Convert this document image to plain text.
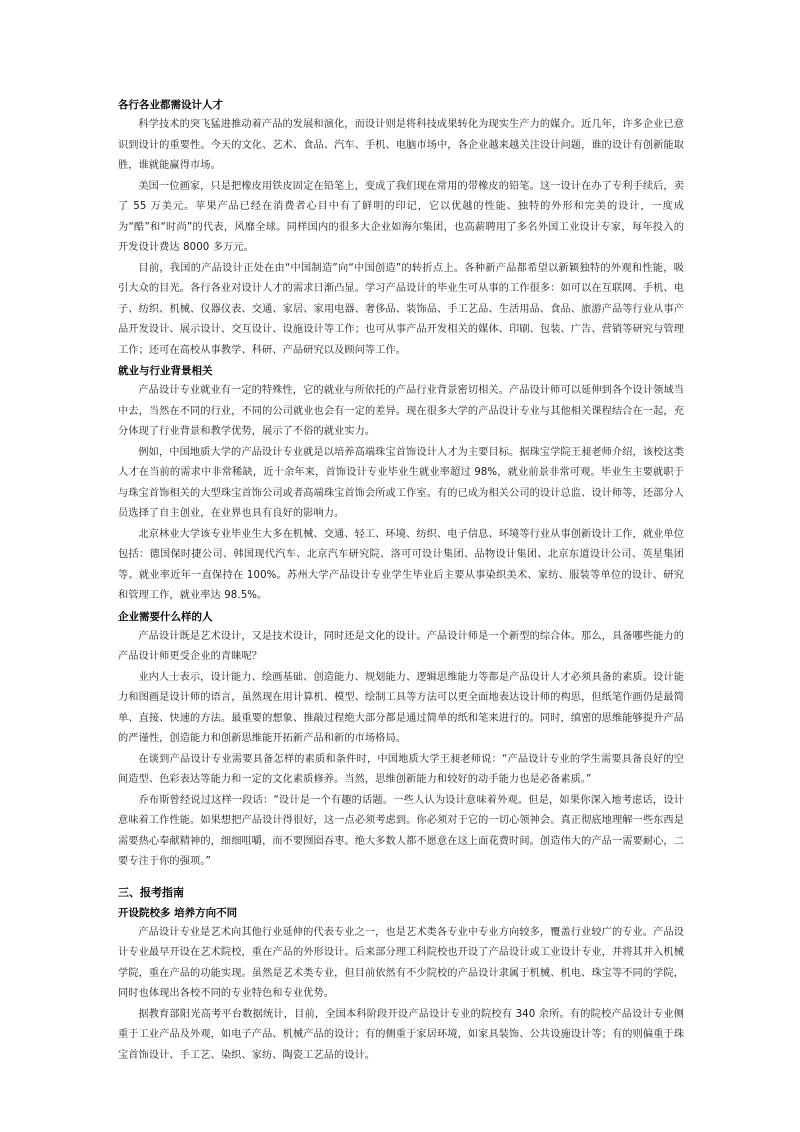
各行各业都需设计人才

科学技术的突飞猛进推动着产品的发展和演化，而设计则是将科技成果转化为现实生产力的媒介。近几年，许多企业已意识到设计的重要性。今天的文化、艺术、食品、汽车、手机、电脑市场中，各企业越来越关注设计问题，谁的设计有创新能取胜，谁就能赢得市场。

美国一位画家，只是把橡皮用铁皮固定在铅笔上，变成了我们现在常用的带橡皮的铅笔。这一设计在办了专利手续后，卖了 55 万美元。苹果产品已经在消费者心目中有了鲜明的印记，它以优越的性能、独特的外形和完美的设计，一度成为“酷”和“时尚”的代表，风靡全球。同样国内的很多大企业如海尔集团，也高薪聘用了多名外国工业设计专家，每年投入的开发设计费达 8000 多万元。

目前，我国的产品设计正处在由“中国制造”向“中国创造”的转折点上。各种新产品都希望以新颖独特的外观和性能，吸引大众的目光。各行各业对设计人才的需求日渐凸显。学习产品设计的毕业生可从事的工作很多：如可以在互联网、手机、电子、纺织、机械、仪器仪表、交通、家居、家用电器、奢侈品、装饰品、手工艺品、生活用品、食品、旅游产品等行业从事产品开发设计、展示设计、交互设计、设施设计等工作；也可从事产品开发相关的媒体、印刷、包装、广告、营销等研究与管理工作；还可在高校从事教学、科研、产品研究以及顾问等工作。

就业与行业背景相关

产品设计专业就业有一定的特殊性，它的就业与所依托的产品行业背景密切相关。产品设计师可以延伸到各个设计领域当中去，当然在不同的行业，不同的公司就业也会有一定的差异。现在很多大学的产品设计专业与其他相关课程结合在一起，充分体现了行业背景和教学优势，展示了不俗的就业实力。

例如，中国地质大学的产品设计专业就是以培养高端珠宝首饰设计人才为主要目标。据珠宝学院王昶老师介绍，该校这类人才在当前的需求中非常稀缺，近十余年来，首饰设计专业毕业生就业率超过 98%，就业前景非常可观。毕业生主要就职于与珠宝首饰相关的大型珠宝首饰公司或者高端珠宝首饰会所或工作室。有的已成为相关公司的设计总监、设计师等，还部分人员选择了自主创业，在业界也具有良好的影响力。

北京林业大学该专业毕业生大多在机械、交通、轻工、环境、纺织、电子信息、环境等行业从事创新设计工作，就业单位包括：德国保时捷公司、韩国现代汽车、北京汽车研究院、洛可可设计集团、品物设计集团、北京东道设计公司、英星集团等。就业率近年一直保持在 100%。苏州大学产品设计专业学生毕业后主要从事染织美术、家纺、服装等单位的设计、研究和管理工作，就业率达 98.5%。

企业需要什么样的人

产品设计既是艺术设计，又是技术设计，同时还是文化的设计。产品设计师是一个新型的综合体。那么，具备哪些能力的产品设计师更受企业的青睐呢？

业内人士表示，设计能力、绘画基础、创造能力、规划能力、逻辑思维能力等都是产品设计人才必须具备的素质。设计能力和图画是设计师的语言，虽然现在用计算机、模型、绘制工具等方法可以更全面地表达设计师的构思，但纸笔作画仍是最简单、直接、快速的方法。最重要的想象、推敲过程绝大部分都是通过简单的纸和笔来进行的。同时，缜密的思维能够提升产品的严谨性，创造能力和创新思维能开拓新产品和新的市场格局。

在谈到产品设计专业需要具备怎样的素质和条件时，中国地质大学王昶老师说：“产品设计专业的学生需要具备良好的空间造型、色彩表达等能力和一定的文化素质修养。当然，思维创新能力和较好的动手能力也是必备素质。”

乔布斯曾经说过这样一段话：“设计是一个有趣的话题。一些人认为设计意味着外观。但是，如果你深入地考虑话，设计意味着工作性能。如果想把产品设计得很好，这一点必须考虑到。你必须对于它的一切心领神会。真正彻底地理解一些东西是需要热心奉献精神的，细细咀嚼，而不要囫囵吞枣。绝大多数人都不愿意在这上面花费时间。创造伟大的产品一需要耐心，二要专注于你的强项。”

三、报考指南
开设院校多 培养方向不同

产品设计专业是艺术向其他行业延伸的代表专业之一，也是艺术类各专业中专业方向较多，覆盖行业较广的专业。产品设计专业最早开设在艺术院校，重在产品的外形设计。后来部分理工科院校也开设了产品设计或工业设计专业，并将其并入机械学院，重在产品的功能实现。虽然是艺术类专业，但目前依然有不少院校的产品设计隶属于机械、机电、珠宝等不同的学院，同时也体现出各校不同的专业特色和专业优势。

据教育部阳光高考平台数据统计，目前，全国本科阶段开设产品设计专业的院校有 340 余所。有的院校产品设计专业侧重于工业产品及外观，如电子产品、机械产品的设计；有的侧重于家居环境，如家具装饰、公共设施设计等；有的则偏重于珠宝首饰设计、手工艺、染织、家纺、陶瓷工艺品的设计。
